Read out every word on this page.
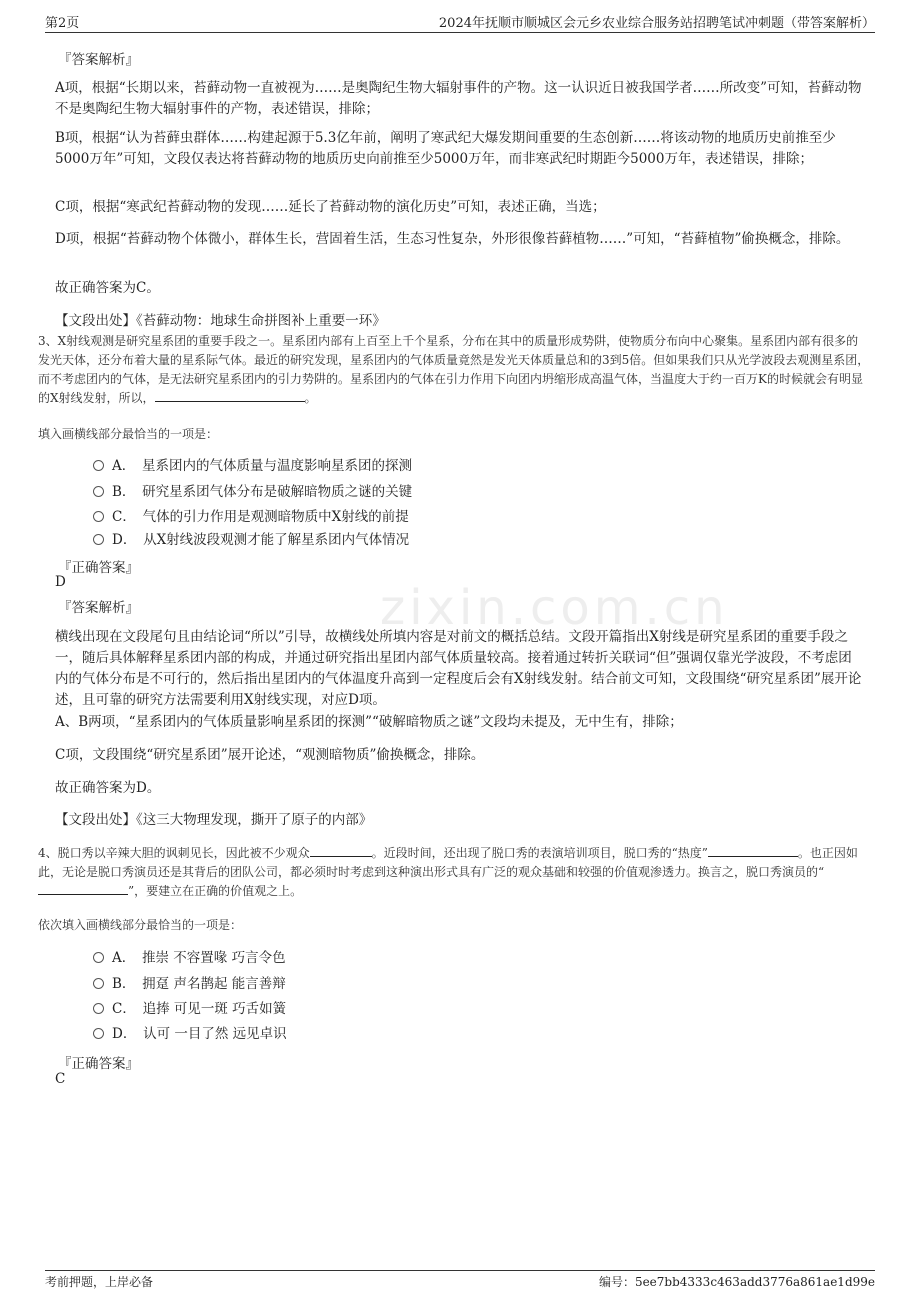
第2页	2024年抚顺市顺城区会元乡农业综合服务站招聘笔试冲刺题（带答案解析）
zixin.com.cn
『答案解析』

A项，根据“长期以来，苔藓动物一直被视为……是奥陶纪生物大辐射事件的产物。这一认识近日被我国学者……所改变”可知，苔藓动物不是奥陶纪生物大辐射事件的产物，表述错误，排除；

B项，根据“认为苔藓虫群体……构建起源于5.3亿年前，阐明了寒武纪大爆发期间重要的生态创新……将该动物的地质历史前推至少5000万年”可知，文段仅表达将苔藓动物的地质历史向前推至少5000万年，而非寒武纪时期距今5000万年，表述错误，排除；

C项，根据“寒武纪苔藓动物的发现……延长了苔藓动物的演化历史”可知，表述正确，当选；

D项，根据“苔藓动物个体微小，群体生长，营固着生活，生态习性复杂，外形很像苔藓植物……”可知，“苔藓植物”偷换概念，排除。

故正确答案为C。

【文段出处】《苔藓动物：地球生命拼图补上重要一环》

3、X射线观测是研究星系团的重要手段之一。星系团内部有上百至上千个星系，分布在其中的质量形成势阱，使物质分布向中心聚集。星系团内部有很多的发光天体，还分布着大量的星系际气体。最近的研究发现，星系团内的气体质量竟然是发光天体质量总和的3到5倍。但如果我们只从光学波段去观测星系团，而不考虑团内的气体，是无法研究星系团内的引力势阱的。星系团内的气体在引力作用下向团内坍缩形成高温气体，当温度大于约一百万K的时候就会有明显的X射线发射，所以，	。

填入画横线部分最恰当的一项是：

A．　星系团内的气体质量与温度影响星系团的探测
B．　研究星系团气体分布是破解暗物质之谜的关键
C．　气体的引力作用是观测暗物质中X射线的前提
D．　从X射线波段观测才能了解星系团内气体情况
『正确答案』
D
『答案解析』

横线出现在文段尾句且由结论词“所以”引导，故横线处所填内容是对前文的概括总结。文段开篇指出X射线是研究星系团的重要手段之一，随后具体解释星系团内部的构成，并通过研究指出星团内部气体质量较高。接着通过转折关联词“但”强调仅靠光学波段，不考虑团内的气体分布是不可行的，然后指出星团内的气体温度升高到一定程度后会有X射线发射。结合前文可知，文段围绕“研究星系团”展开论述，且可靠的研究方法需要利用X射线实现，对应D项。

A、B两项，“星系团内的气体质量影响星系团的探测”“破解暗物质之谜”文段均未提及，无中生有，排除；

C项，文段围绕“研究星系团”展开论述，“观测暗物质”偷换概念，排除。

故正确答案为D。

【文段出处】《这三大物理发现，撕开了原子的内部》

4、脱口秀以辛辣大胆的讽刺见长，因此被不少观众	。近段时间，还出现了脱口秀的表演培训项目，脱口秀的“热度”	。也正因如此，无论是脱口秀演员还是其背后的团队公司，都必须时时考虑到这种演出形式具有广泛的观众基础和较强的价值观渗透力。换言之，脱口秀演员的“”，要建立在正确的价值观之上。

依次填入画横线部分最恰当的一项是：

A．　推崇 不容置喙 巧言令色
B．　拥趸 声名鹊起 能言善辩
C．　追捧 可见一斑 巧舌如簧
D．　认可 一目了然 远见卓识
『正确答案』
C
考前押题，上岸必备	编号：5ee7bb4333c463add3776a861ae1d99e
